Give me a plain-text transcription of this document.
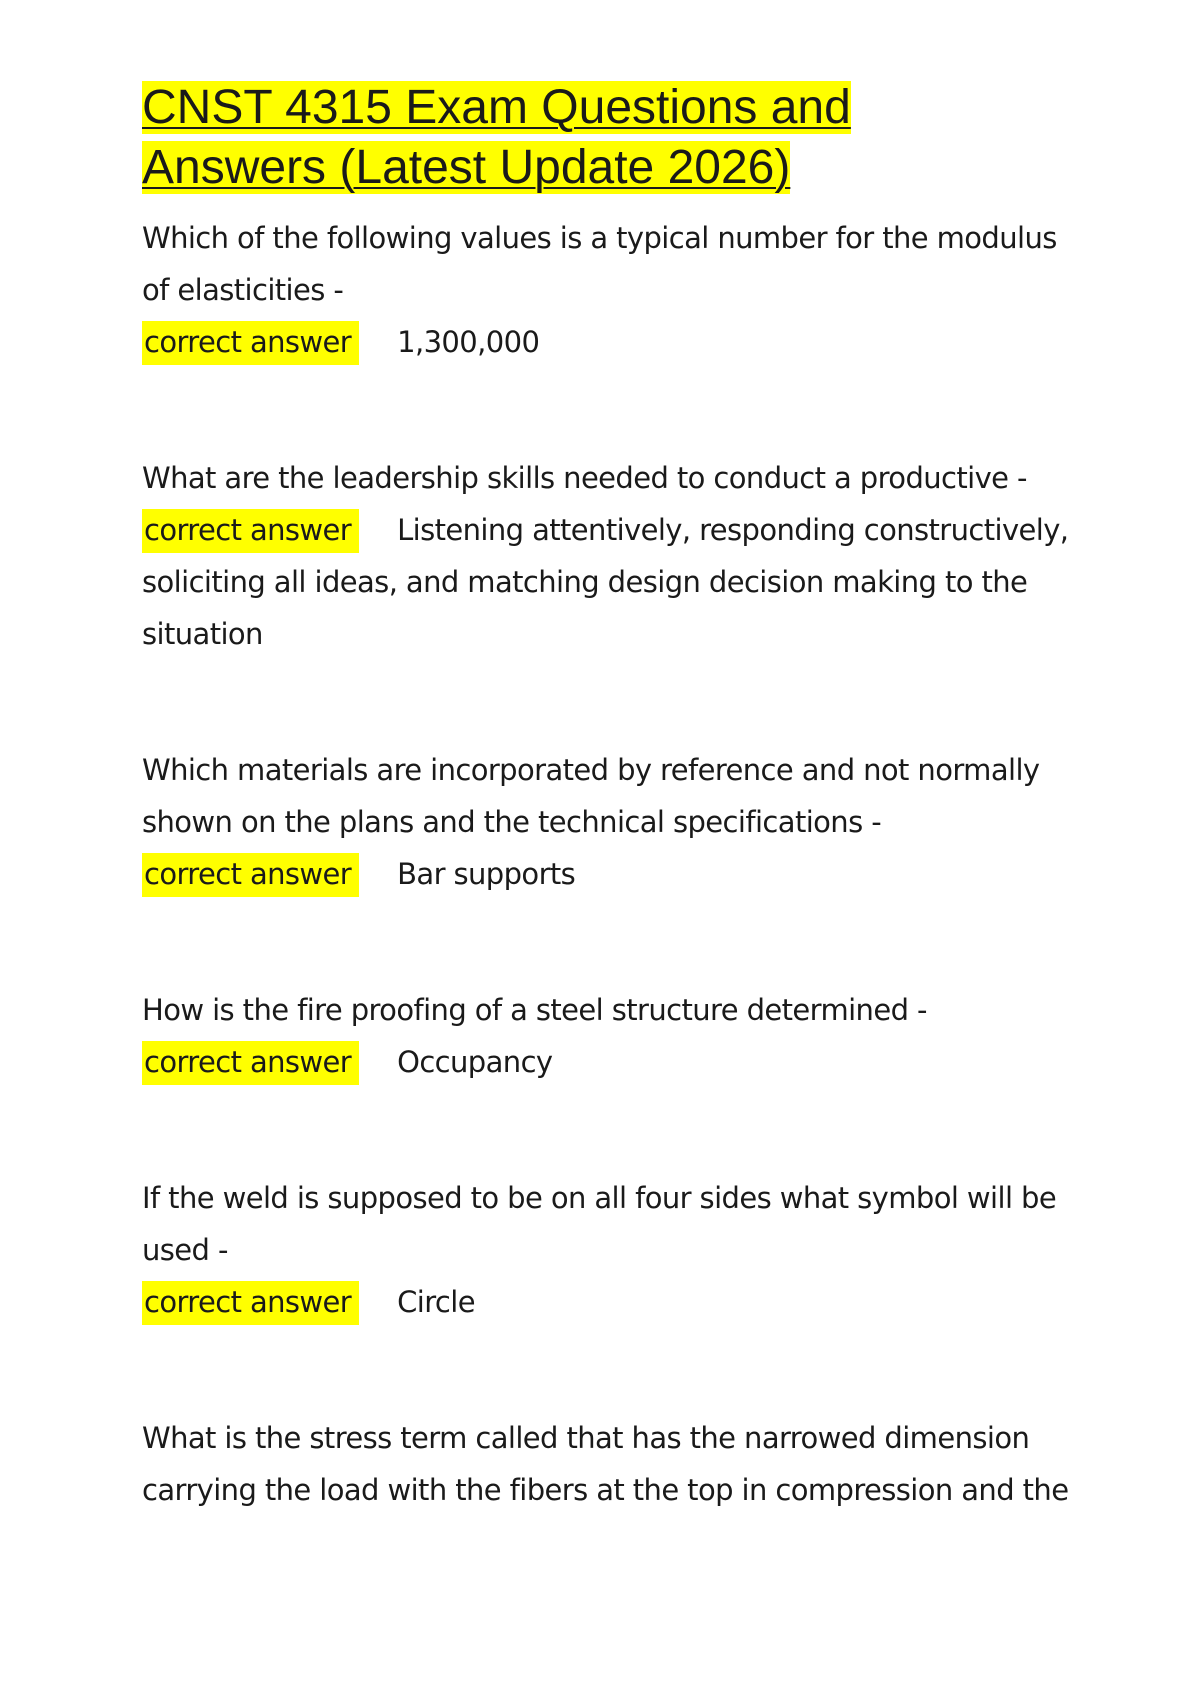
CNST 4315 Exam Questions and
Answers (Latest Update 2026)

Which of the following values is a typical number for the modulus of elasticities -

correct answer 1,300,000

What are the leadership skills needed to conduct a productive -

correct answer Listening attentively, responding constructively, soliciting all ideas, and matching design decision making to the situation

Which materials are incorporated by reference and not normally shown on the plans and the technical specifications -

correct answer Bar supports

How is the fire proofing of a steel structure determined -

correct answer Occupancy

If the weld is supposed to be on all four sides what symbol will be used -

correct answer Circle

What is the stress term called that has the narrowed dimension carrying the load with the fibers at the top in compression and the
